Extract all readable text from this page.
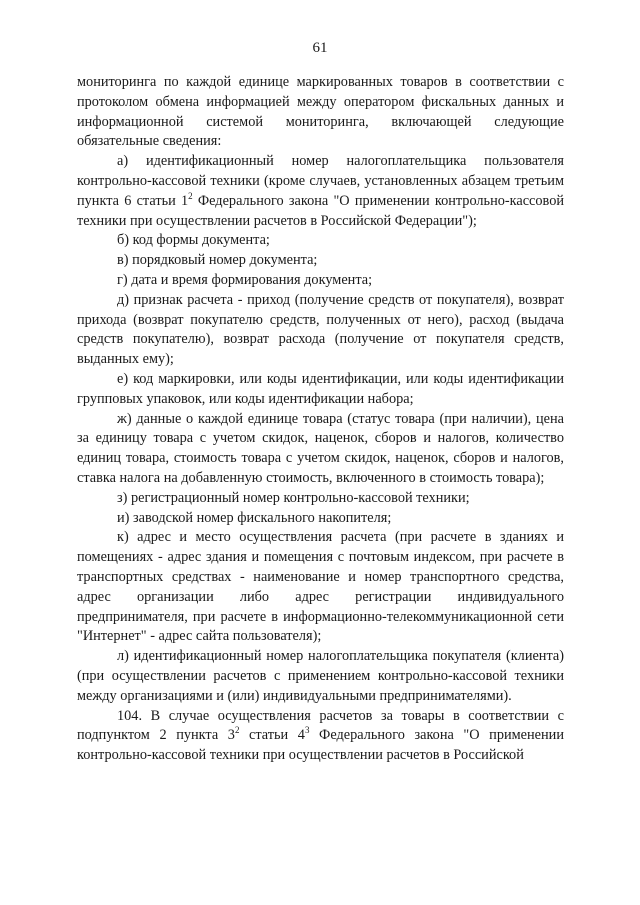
61

мониторинга по каждой единице маркированных товаров в соответствии с протоколом обмена информацией между оператором фискальных данных и информационной системой мониторинга, включающей следующие обязательные сведения:

а) идентификационный номер налогоплательщика пользователя контрольно-кассовой техники (кроме случаев, установленных абзацем третьим пункта 6 статьи $1^2$ Федерального закона "О применении контрольно-кассовой техники при осуществлении расчетов в Российской Федерации");

б) код формы документа;

в) порядковый номер документа;

г) дата и время формирования документа;

д) признак расчета - приход (получение средств от покупателя), возврат прихода (возврат покупателю средств, полученных от него), расход (выдача средств покупателю), возврат расхода (получение от покупателя средств, выданных ему);

е) код маркировки, или коды идентификации, или коды идентификации групповых упаковок, или коды идентификации набора;

ж) данные о каждой единице товара (статус товара (при наличии), цена за единицу товара с учетом скидок, наценок, сборов и налогов, количество единиц товара, стоимость товара с учетом скидок, наценок, сборов и налогов, ставка налога на добавленную стоимость, включенного в стоимость товара);

з) регистрационный номер контрольно-кассовой техники;

и) заводской номер фискального накопителя;

к) адрес и место осуществления расчета (при расчете в зданиях и помещениях - адрес здания и помещения с почтовым индексом, при расчете в транспортных средствах - наименование и номер транспортного средства, адрес организации либо адрес регистрации индивидуального предпринимателя, при расчете в информационно-телекоммуникационной сети "Интернет" - адрес сайта пользователя);

л) идентификационный номер налогоплательщика покупателя (клиента) (при осуществлении расчетов с применением контрольно-кассовой техники между организациями и (или) индивидуальными предпринимателями).

104. В случае осуществления расчетов за товары в соответствии с подпунктом 2 пункта $3^2$ статьи $4^3$ Федерального закона "О применении контрольно-кассовой техники при осуществлении расчетов в Российской
